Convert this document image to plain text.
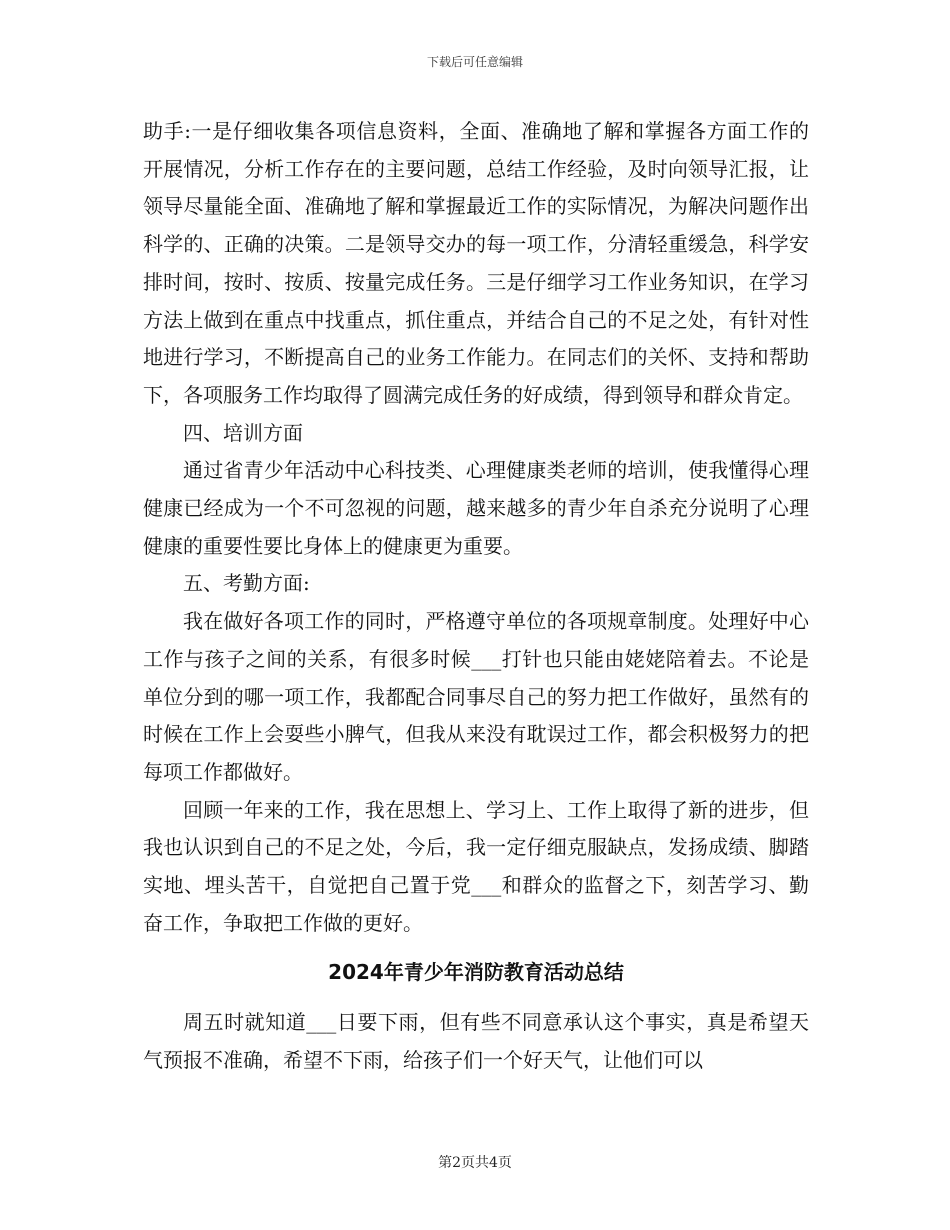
下载后可任意编辑

助手:一是仔细收集各项信息资料，全面、准确地了解和掌握各方面工作的开展情况，分析工作存在的主要问题，总结工作经验，及时向领导汇报，让领导尽量能全面、准确地了解和掌握最近工作的实际情况，为解决问题作出科学的、正确的决策。二是领导交办的每一项工作，分清轻重缓急，科学安排时间，按时、按质、按量完成任务。三是仔细学习工作业务知识，在学习方法上做到在重点中找重点，抓住重点，并结合自己的不足之处，有针对性地进行学习，不断提高自己的业务工作能力。在同志们的关怀、支持和帮助下，各项服务工作均取得了圆满完成任务的好成绩，得到领导和群众肯定。

四、培训方面

通过省青少年活动中心科技类、心理健康类老师的培训，使我懂得心理健康已经成为一个不可忽视的问题，越来越多的青少年自杀充分说明了心理健康的重要性要比身体上的健康更为重要。

五、考勤方面:

我在做好各项工作的同时，严格遵守单位的各项规章制度。处理好中心工作与孩子之间的关系，有很多时候___打针也只能由姥姥陪着去。不论是单位分到的哪一项工作，我都配合同事尽自己的努力把工作做好，虽然有的时候在工作上会耍些小脾气，但我从来没有耽误过工作，都会积极努力的把每项工作都做好。

回顾一年来的工作，我在思想上、学习上、工作上取得了新的进步，但我也认识到自己的不足之处，今后，我一定仔细克服缺点，发扬成绩、脚踏实地、埋头苦干，自觉把自己置于党___和群众的监督之下，刻苦学习、勤奋工作，争取把工作做的更好。

2024年青少年消防教育活动总结

周五时就知道___日要下雨，但有些不同意承认这个事实，真是希望天气预报不准确，希望不下雨，给孩子们一个好天气，让他们可以

第2页共4页
